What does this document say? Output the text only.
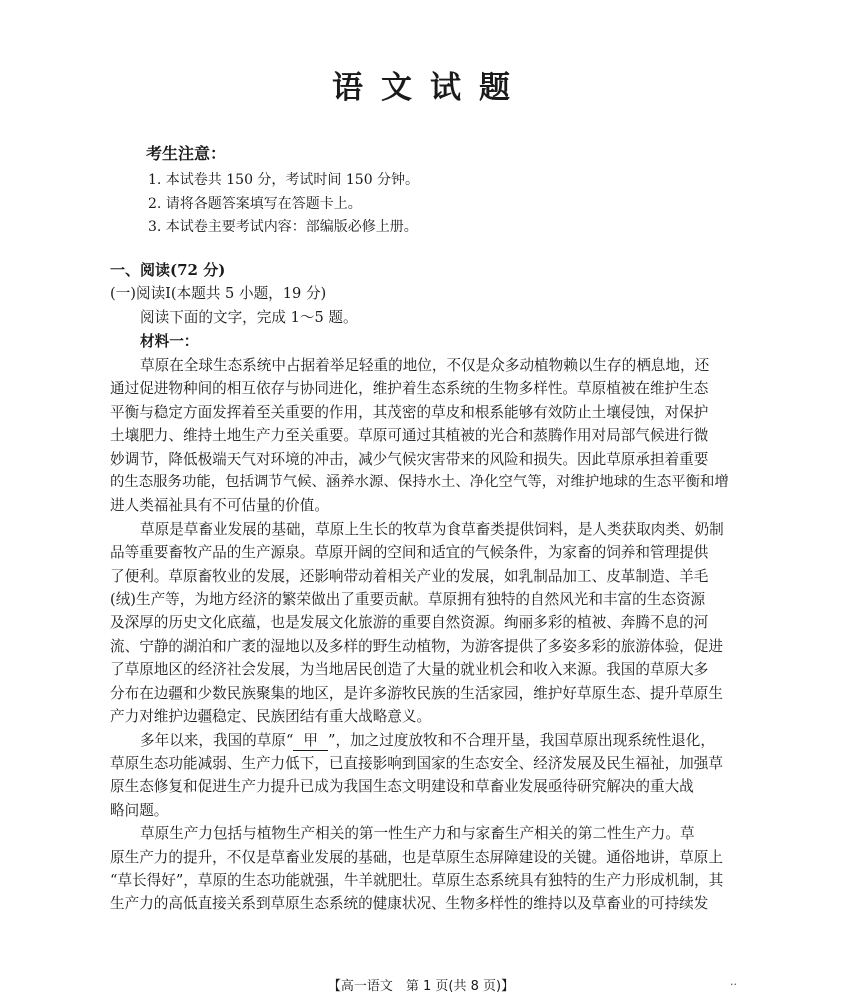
语文试题
考生注意：
1. 本试卷共 150 分，考试时间 150 分钟。
2. 请将各题答案填写在答题卡上。
3. 本试卷主要考试内容：部编版必修上册。
一、阅读(72 分)
(一)阅读Ⅰ(本题共 5 小题，19 分)
阅读下面的文字，完成 1～5 题。
材料一：
草原在全球生态系统中占据着举足轻重的地位，不仅是众多动植物赖以生存的栖息地，还
通过促进物种间的相互依存与协同进化，维护着生态系统的生物多样性。草原植被在维护生态
平衡与稳定方面发挥着至关重要的作用，其茂密的草皮和根系能够有效防止土壤侵蚀，对保护
土壤肥力、维持土地生产力至关重要。草原可通过其植被的光合和蒸腾作用对局部气候进行微
妙调节，降低极端天气对环境的冲击，减少气候灾害带来的风险和损失。因此草原承担着重要
的生态服务功能，包括调节气候、涵养水源、保持水土、净化空气等，对维护地球的生态平衡和增
进人类福祉具有不可估量的价值。
草原是草畜业发展的基础，草原上生长的牧草为食草畜类提供饲料，是人类获取肉类、奶制
品等重要畜牧产品的生产源泉。草原开阔的空间和适宜的气候条件，为家畜的饲养和管理提供
了便利。草原畜牧业的发展，还影响带动着相关产业的发展，如乳制品加工、皮革制造、羊毛
(绒)生产等，为地方经济的繁荣做出了重要贡献。草原拥有独特的自然风光和丰富的生态资源
及深厚的历史文化底蕴，也是发展文化旅游的重要自然资源。绚丽多彩的植被、奔腾不息的河
流、宁静的湖泊和广袤的湿地以及多样的野生动植物，为游客提供了多姿多彩的旅游体验，促进
了草原地区的经济社会发展，为当地居民创造了大量的就业机会和收入来源。我国的草原大多
分布在边疆和少数民族聚集的地区，是许多游牧民族的生活家园，维护好草原生态、提升草原生
产力对维护边疆稳定、民族团结有重大战略意义。
多年以来，我国的草原“ 甲 ”，加之过度放牧和不合理开垦，我国草原出现系统性退化，
草原生态功能减弱、生产力低下，已直接影响到国家的生态安全、经济发展及民生福祉，加强草
原生态修复和促进生产力提升已成为我国生态文明建设和草畜业发展亟待研究解决的重大战
略问题。
草原生产力包括与植物生产相关的第一性生产力和与家畜生产相关的第二性生产力。草
原生产力的提升，不仅是草畜业发展的基础，也是草原生态屏障建设的关键。通俗地讲，草原上
“草长得好”，草原的生态功能就强，牛羊就肥壮。草原生态系统具有独特的生产力形成机制，其
生产力的高低直接关系到草原生态系统的健康状况、生物多样性的维持以及草畜业的可持续发
【高一语文　第 1 页(共 8 页)】	··
